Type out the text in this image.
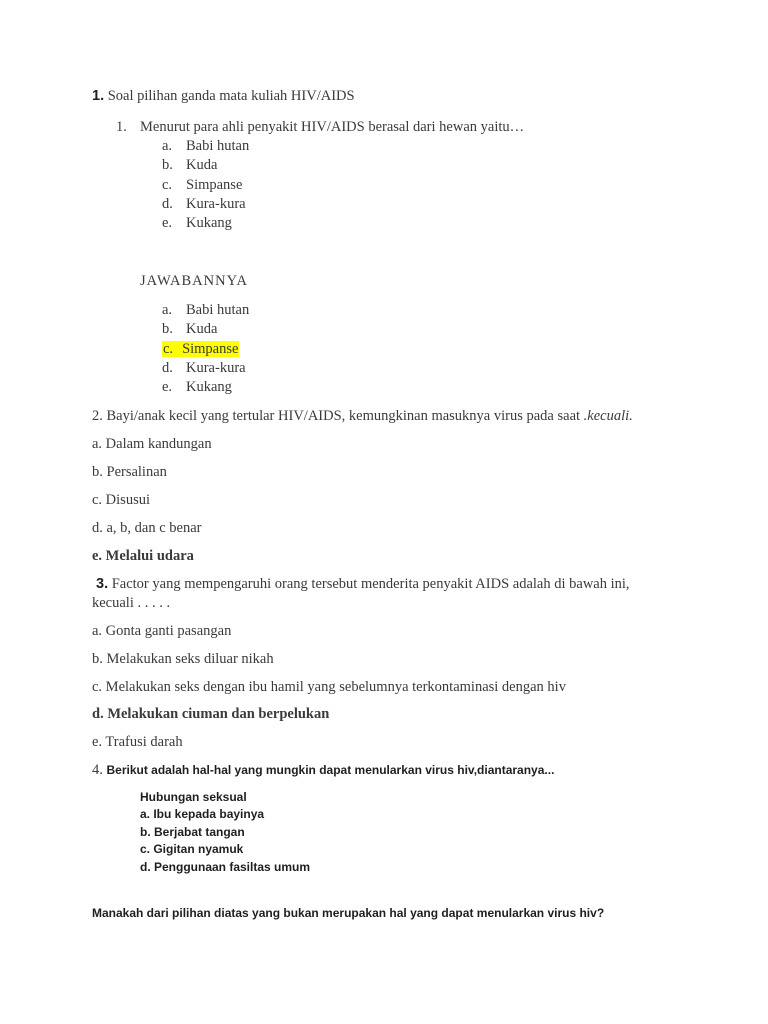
1. Soal pilihan ganda mata kuliah HIV/AIDS
1. Menurut para ahli penyakit HIV/AIDS berasal dari hewan yaitu…
a. Babi hutan
b. Kuda
c. Simpanse
d. Kura-kura
e. Kukang
JAWABANNYA
a. Babi hutan
b. Kuda
c. Simpanse
d. Kura-kura
e. Kukang
2. Bayi/anak kecil yang tertular HIV/AIDS, kemungkinan masuknya virus pada saat .kecuali.
a. Dalam kandungan
b. Persalinan
c. Disusui
d. a, b, dan c benar
e. Melalui udara
3. Factor yang mempengaruhi orang tersebut menderita penyakit AIDS adalah di bawah ini,
kecuali . . . . .
a. Gonta ganti pasangan
b. Melakukan seks diluar nikah
c. Melakukan seks dengan ibu hamil yang sebelumnya terkontaminasi dengan hiv
d. Melakukan ciuman dan berpelukan
e. Trafusi darah
4. Berikut adalah hal-hal yang mungkin dapat menularkan virus hiv,diantaranya...
Hubungan seksual
a. Ibu kepada bayinya
b. Berjabat tangan
c. Gigitan nyamuk
d. Penggunaan fasiltas umum
Manakah dari pilihan diatas yang bukan merupakan hal yang dapat menularkan virus hiv?
